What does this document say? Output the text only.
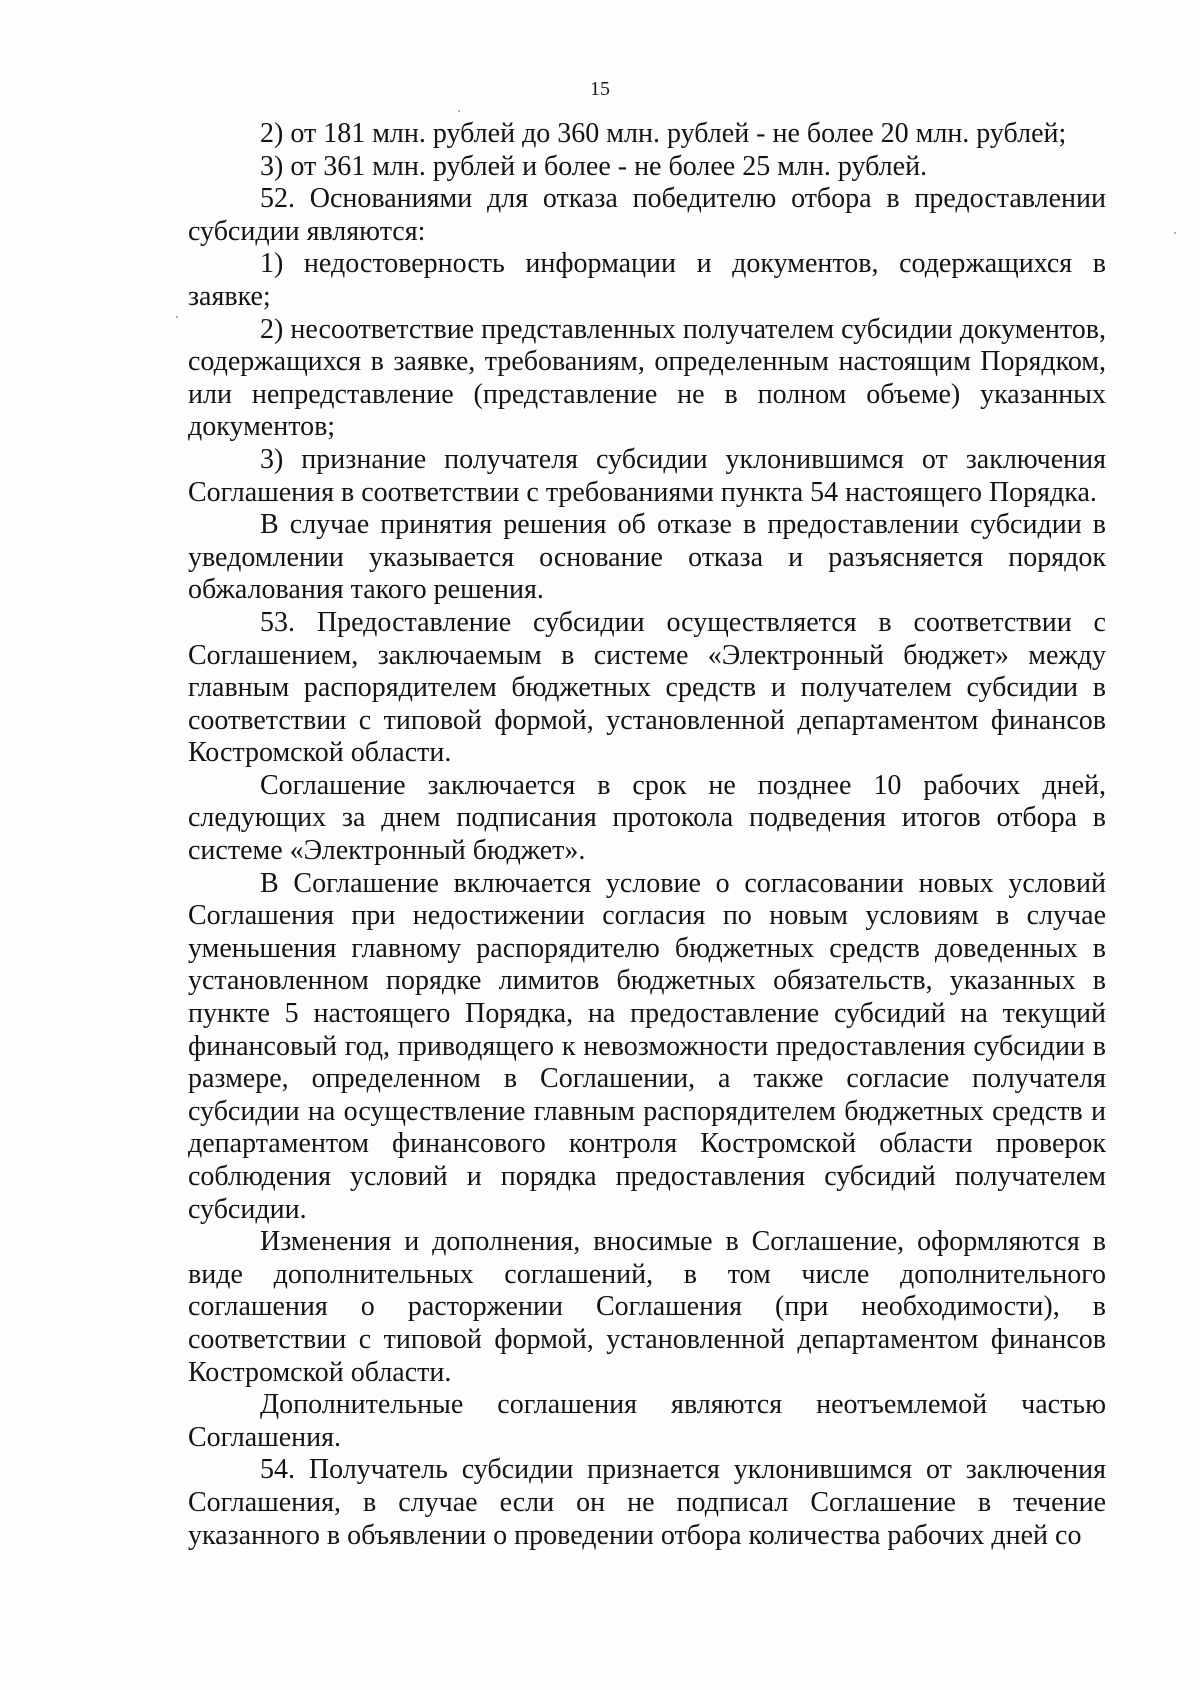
15

2) от 181 млн. рублей до 360 млн. рублей - не более 20 млн. рублей;

3) от 361 млн. рублей и более - не более 25 млн. рублей.

52. Основаниями для отказа победителю отбора в предоставлении субсидии являются:

1) недостоверность информации и документов, содержащихся в заявке;

2) несоответствие представленных получателем субсидии документов, содержащихся в заявке, требованиям, определенным настоящим Порядком, или непредставление (представление не в полном объеме) указанных документов;

3) признание получателя субсидии уклонившимся от заключения Соглашения в соответствии с требованиями пункта 54 настоящего Порядка.

В случае принятия решения об отказе в предоставлении субсидии в уведомлении указывается основание отказа и разъясняется порядок обжалования такого решения.

53. Предоставление субсидии осуществляется в соответствии с Соглашением, заключаемым в системе «Электронный бюджет» между главным распорядителем бюджетных средств и получателем субсидии в соответствии с типовой формой, установленной департаментом финансов Костромской области.

Соглашение заключается в срок не позднее 10 рабочих дней, следующих за днем подписания протокола подведения итогов отбора в системе «Электронный бюджет».

В Соглашение включается условие о согласовании новых условий Соглашения при недостижении согласия по новым условиям в случае уменьшения главному распорядителю бюджетных средств доведенных в установленном порядке лимитов бюджетных обязательств, указанных в пункте 5 настоящего Порядка, на предоставление субсидий на текущий финансовый год, приводящего к невозможности предоставления субсидии в размере, определенном в Соглашении, а также согласие получателя субсидии на осуществление главным распорядителем бюджетных средств и департаментом финансового контроля Костромской области проверок соблюдения условий и порядка предоставления субсидий получателем субсидии.

Изменения и дополнения, вносимые в Соглашение, оформляются в виде дополнительных соглашений, в том числе дополнительного соглашения о расторжении Соглашения (при необходимости), в соответствии с типовой формой, установленной департаментом финансов Костромской области.

Дополнительные соглашения являются неотъемлемой частью Соглашения.

54. Получатель субсидии признается уклонившимся от заключения Соглашения, в случае если он не подписал Соглашение в течение указанного в объявлении о проведении отбора количества рабочих дней со
